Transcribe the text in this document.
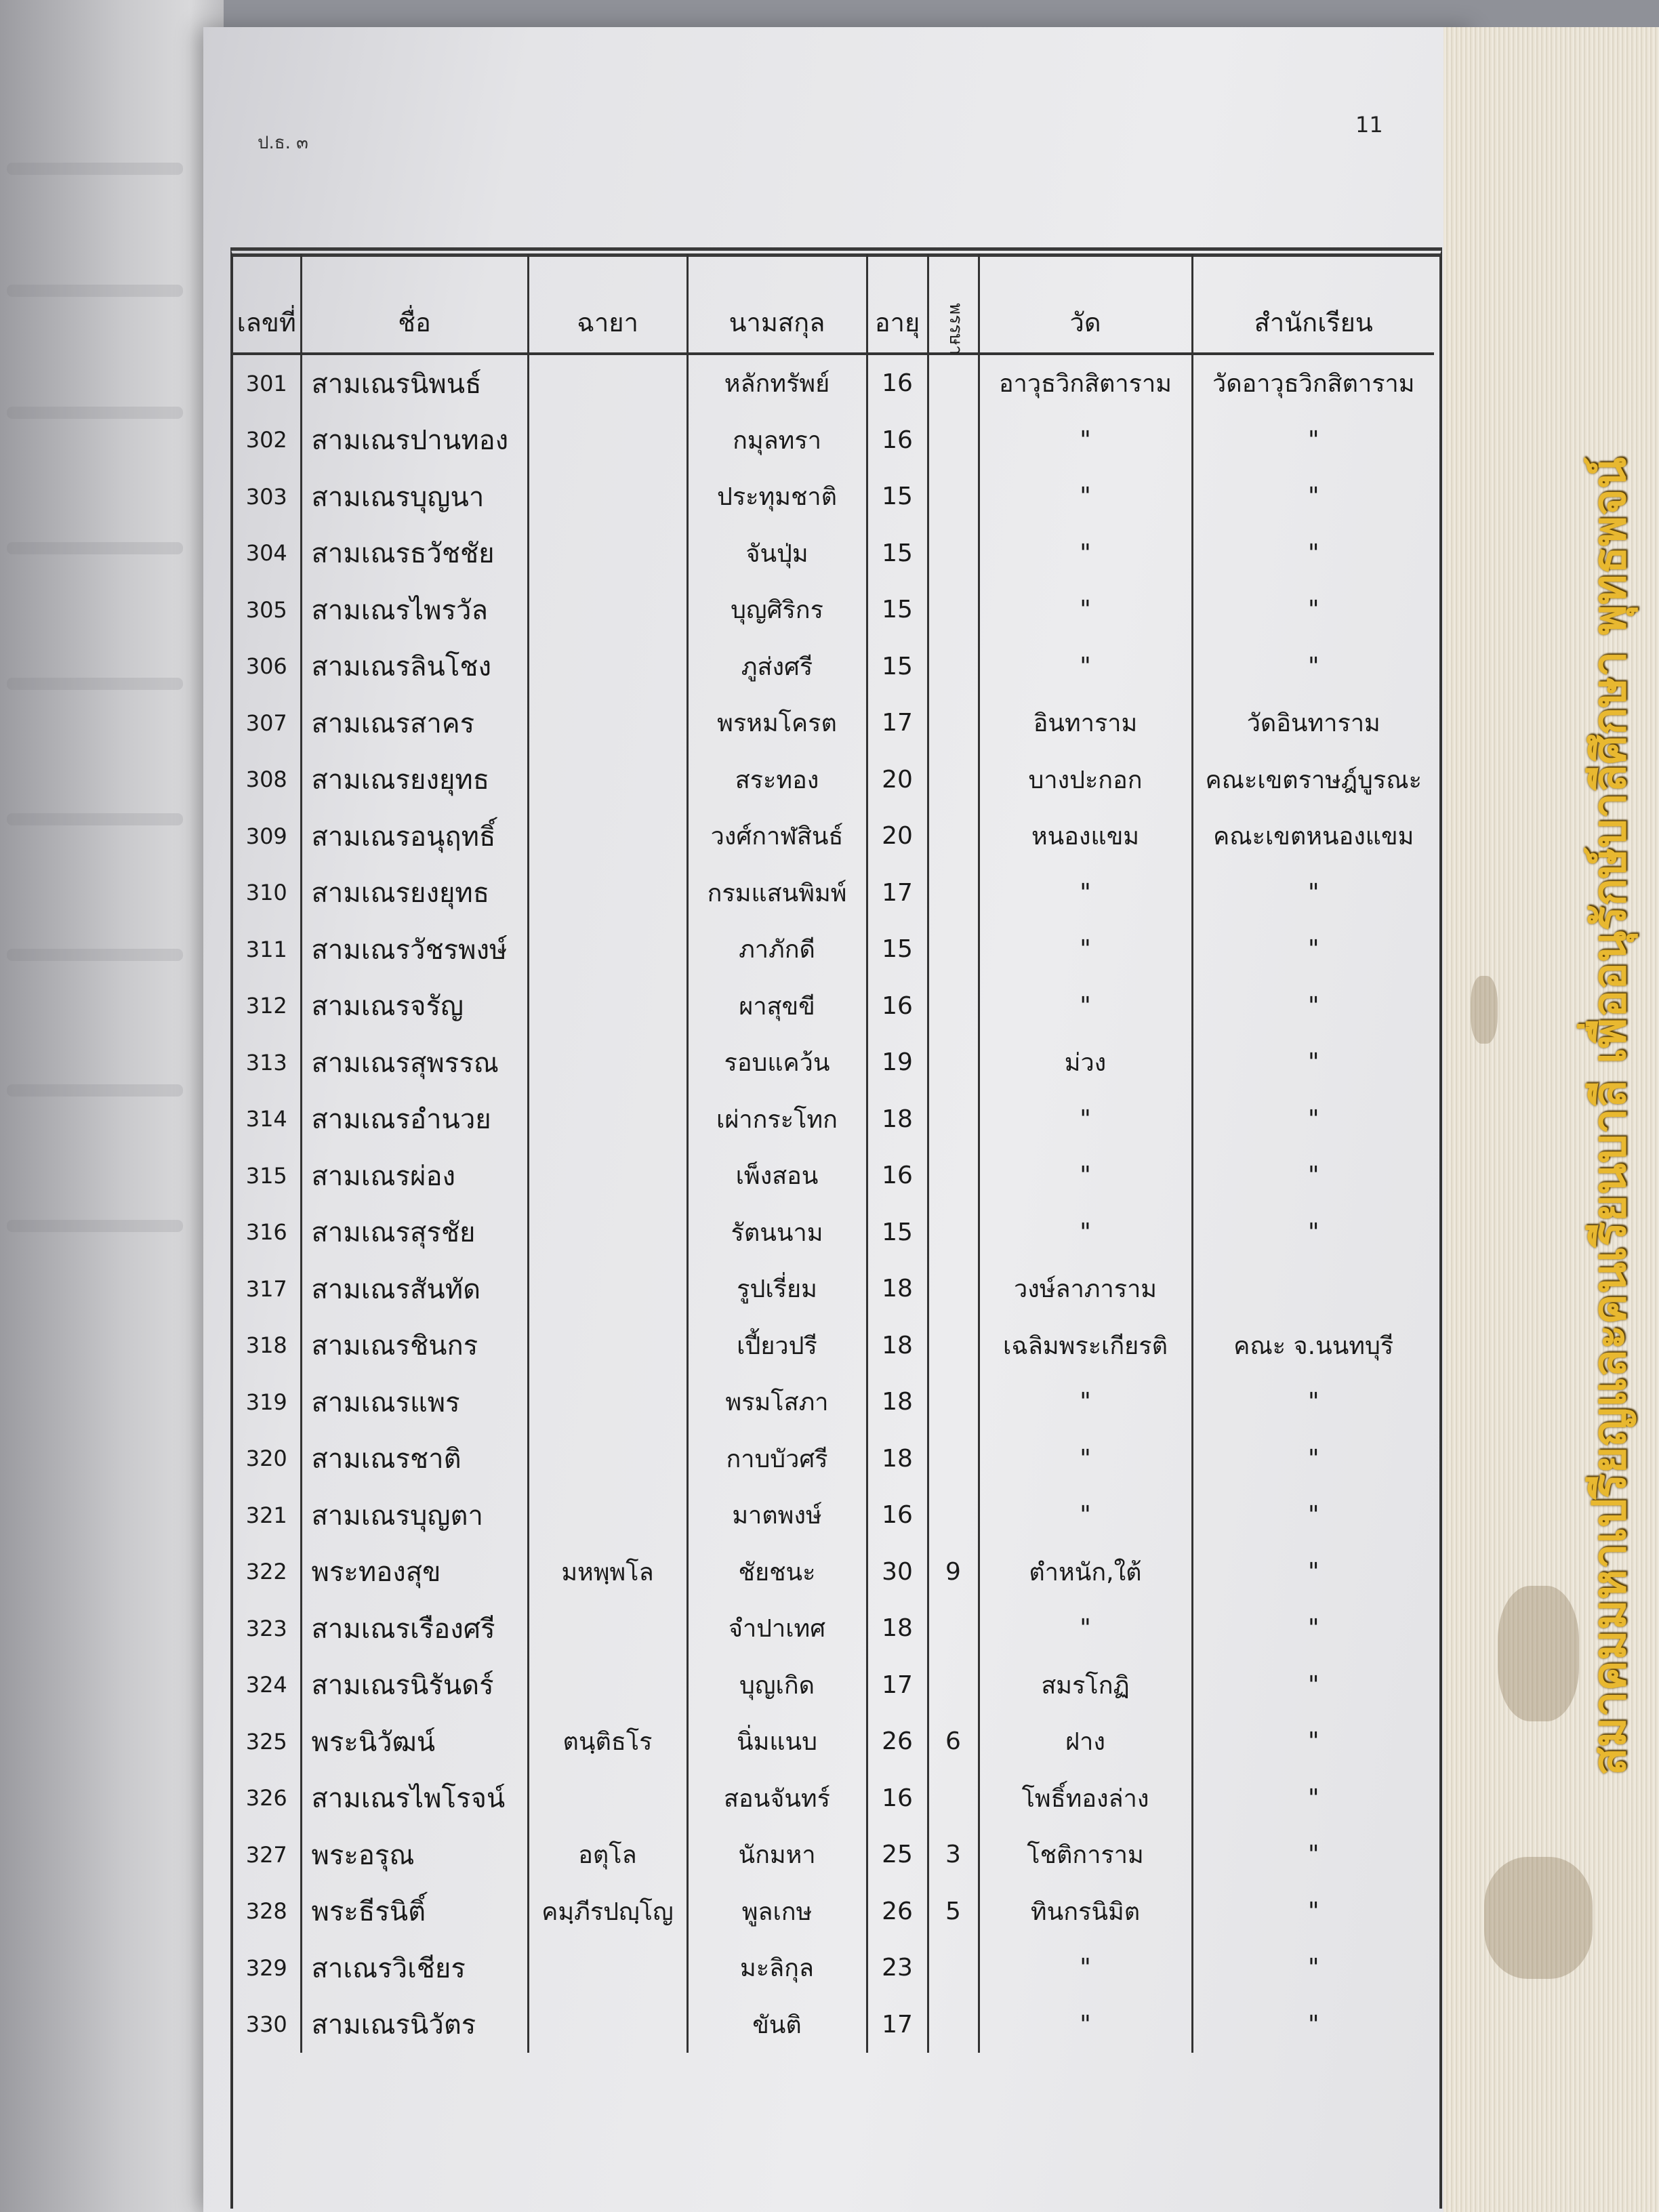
ป.ธ. ๓
11
เลขที่	ชื่อ	ฉายา	นามสกุล	อายุ	พรรษา	วัด	สำนักเรียน
301	สามเณรนิพนธ์		หลักทรัพย์	16		อาวุธวิกสิตาราม	วัดอาวุธวิกสิตาราม
302	สามเณรปานทอง		กมุลทรา	16		"	"
303	สามเณรบุญนา		ประทุมชาติ	15		"	"
304	สามเณรธวัชชัย		จันปุ่ม	15		"	"
305	สามเณรไพรวัล		บุญศิริกร	15		"	"
306	สามเณรลินโชง		ภูส่งศรี	15		"	"
307	สามเณรสาคร		พรหมโครต	17		อินทาราม	วัดอินทาราม
308	สามเณรยงยุทธ		สระทอง	20		บางปะกอก	คณะเขตราษฎ์บูรณะ
309	สามเณรอนุฤทธิ์		วงศ์กาฬสินธ์	20		หนองแขม	คณะเขตหนองแขม
310	สามเณรยงยุทธ		กรมแสนพิมพ์	17		"	"
311	สามเณรวัชรพงษ์		ภาภักดี	15		"	"
312	สามเณรจรัญ		ผาสุขขี	16		"	"
313	สามเณรสุพรรณ		รอบแคว้น	19		ม่วง	"
314	สามเณรอำนวย		เผ่ากระโทก	18		"	"
315	สามเณรผ่อง		เพ็งสอน	16		"	"
316	สามเณรสุรชัย		รัตนนาม	15		"	"
317	สามเณรสันทัด		รูปเรี่ยม	18		วงษ์ลาภาราม	
318	สามเณรชินกร		เปี้ยวปรี	18		เฉลิมพระเกียรติ	คณะ จ.นนทบุรี
319	สามเณรแพร		พรมโสภา	18		"	"
320	สามเณรชาติ		กาบบัวศรี	18		"	"
321	สามเณรบุญตา		มาตพงษ์	16		"	"
322	พระทองสุข	มหพฺพโล	ชัยชนะ	30	9	ตำหนัก,ใต้	"
323	สามเณรเรืองศรี		จำปาเทศ	18		"	"
324	สามเณรนิรันดร์		บุญเกิด	17		สมรโกฏิ	"
325	พระนิวัฒน์	ตนฺติธโร	นิ่มแนบ	26	6	ฝาง	"
326	สามเณรไพโรจน์		สอนจันทร์	16		โพธิ์ทองล่าง	"
327	พระอรุณ	อตุโล	นักมหา	25	3	โชติการาม	"
328	พระธีรนิติ์	คมฺภีรปญฺโญ	พูลเกษ	26	5	ทินกรนิมิต	"
329	สาเณรวิเชียร		มะลิกุล	23		"	"
330	สามเณรนิวัตร		ขันติ	17		"	"
สมาคมมหาเปรียญและคนเรียนบาลี เพื่ออนุรักษ์บาลีศึกษา พุทธพจน์
